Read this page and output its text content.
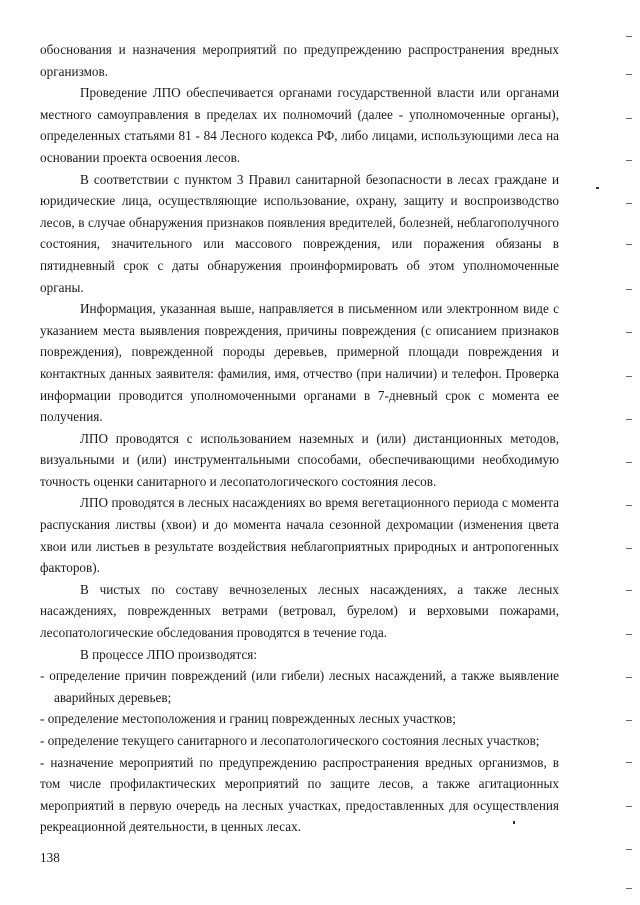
обоснования и назначения мероприятий по предупреждению распространения вредных организмов.

Проведение ЛПО обеспечивается органами государственной власти или органами местного самоуправления в пределах их полномочий (далее - уполномоченные органы), определенных статьями 81 - 84 Лесного кодекса РФ, либо лицами, использующими леса на основании проекта освоения лесов.

В соответствии с пунктом 3 Правил санитарной безопасности в лесах граждане и юридические лица, осуществляющие использование, охрану, защиту и воспроизводство лесов, в случае обнаружения признаков появления вредителей, болезней, неблагополучного состояния, значительного или массового повреждения, или поражения обязаны в пятидневный срок с даты обнаружения проинформировать об этом уполномоченные органы.

Информация, указанная выше, направляется в письменном или электронном виде с указанием места выявления повреждения, причины повреждения (с описанием признаков повреждения), поврежденной породы деревьев, примерной площади повреждения и контактных данных заявителя: фамилия, имя, отчество (при наличии) и телефон. Проверка информации проводится уполномоченными органами в 7-дневный срок с момента ее получения.

ЛПО проводятся с использованием наземных и (или) дистанционных методов, визуальными и (или) инструментальными способами, обеспечивающими необходимую точность оценки санитарного и лесопатологического состояния лесов.

ЛПО проводятся в лесных насаждениях во время вегетационного периода с момента распускания листвы (хвои) и до момента начала сезонной дехромации (изменения цвета хвои или листьев в результате воздействия неблагоприятных природных и антропогенных факторов).

В чистых по составу вечнозеленых лесных насаждениях, а также лесных насаждениях, поврежденных ветрами (ветровал, бурелом) и верховыми пожарами, лесопатологические обследования проводятся в течение года.

В процессе ЛПО производятся:

- определение причин повреждений (или гибели) лесных насаждений, а также выявление аварийных деревьев;

- определение местоположения и границ поврежденных лесных участков;

- определение текущего санитарного и лесопатологического состояния лесных участков;

- назначение мероприятий по предупреждению распространения вредных организмов, в том числе профилактических мероприятий по защите лесов, а также агитационных мероприятий в первую очередь на лесных участках, предоставленных для осуществления рекреационной деятельности, в ценных лесах.

138
